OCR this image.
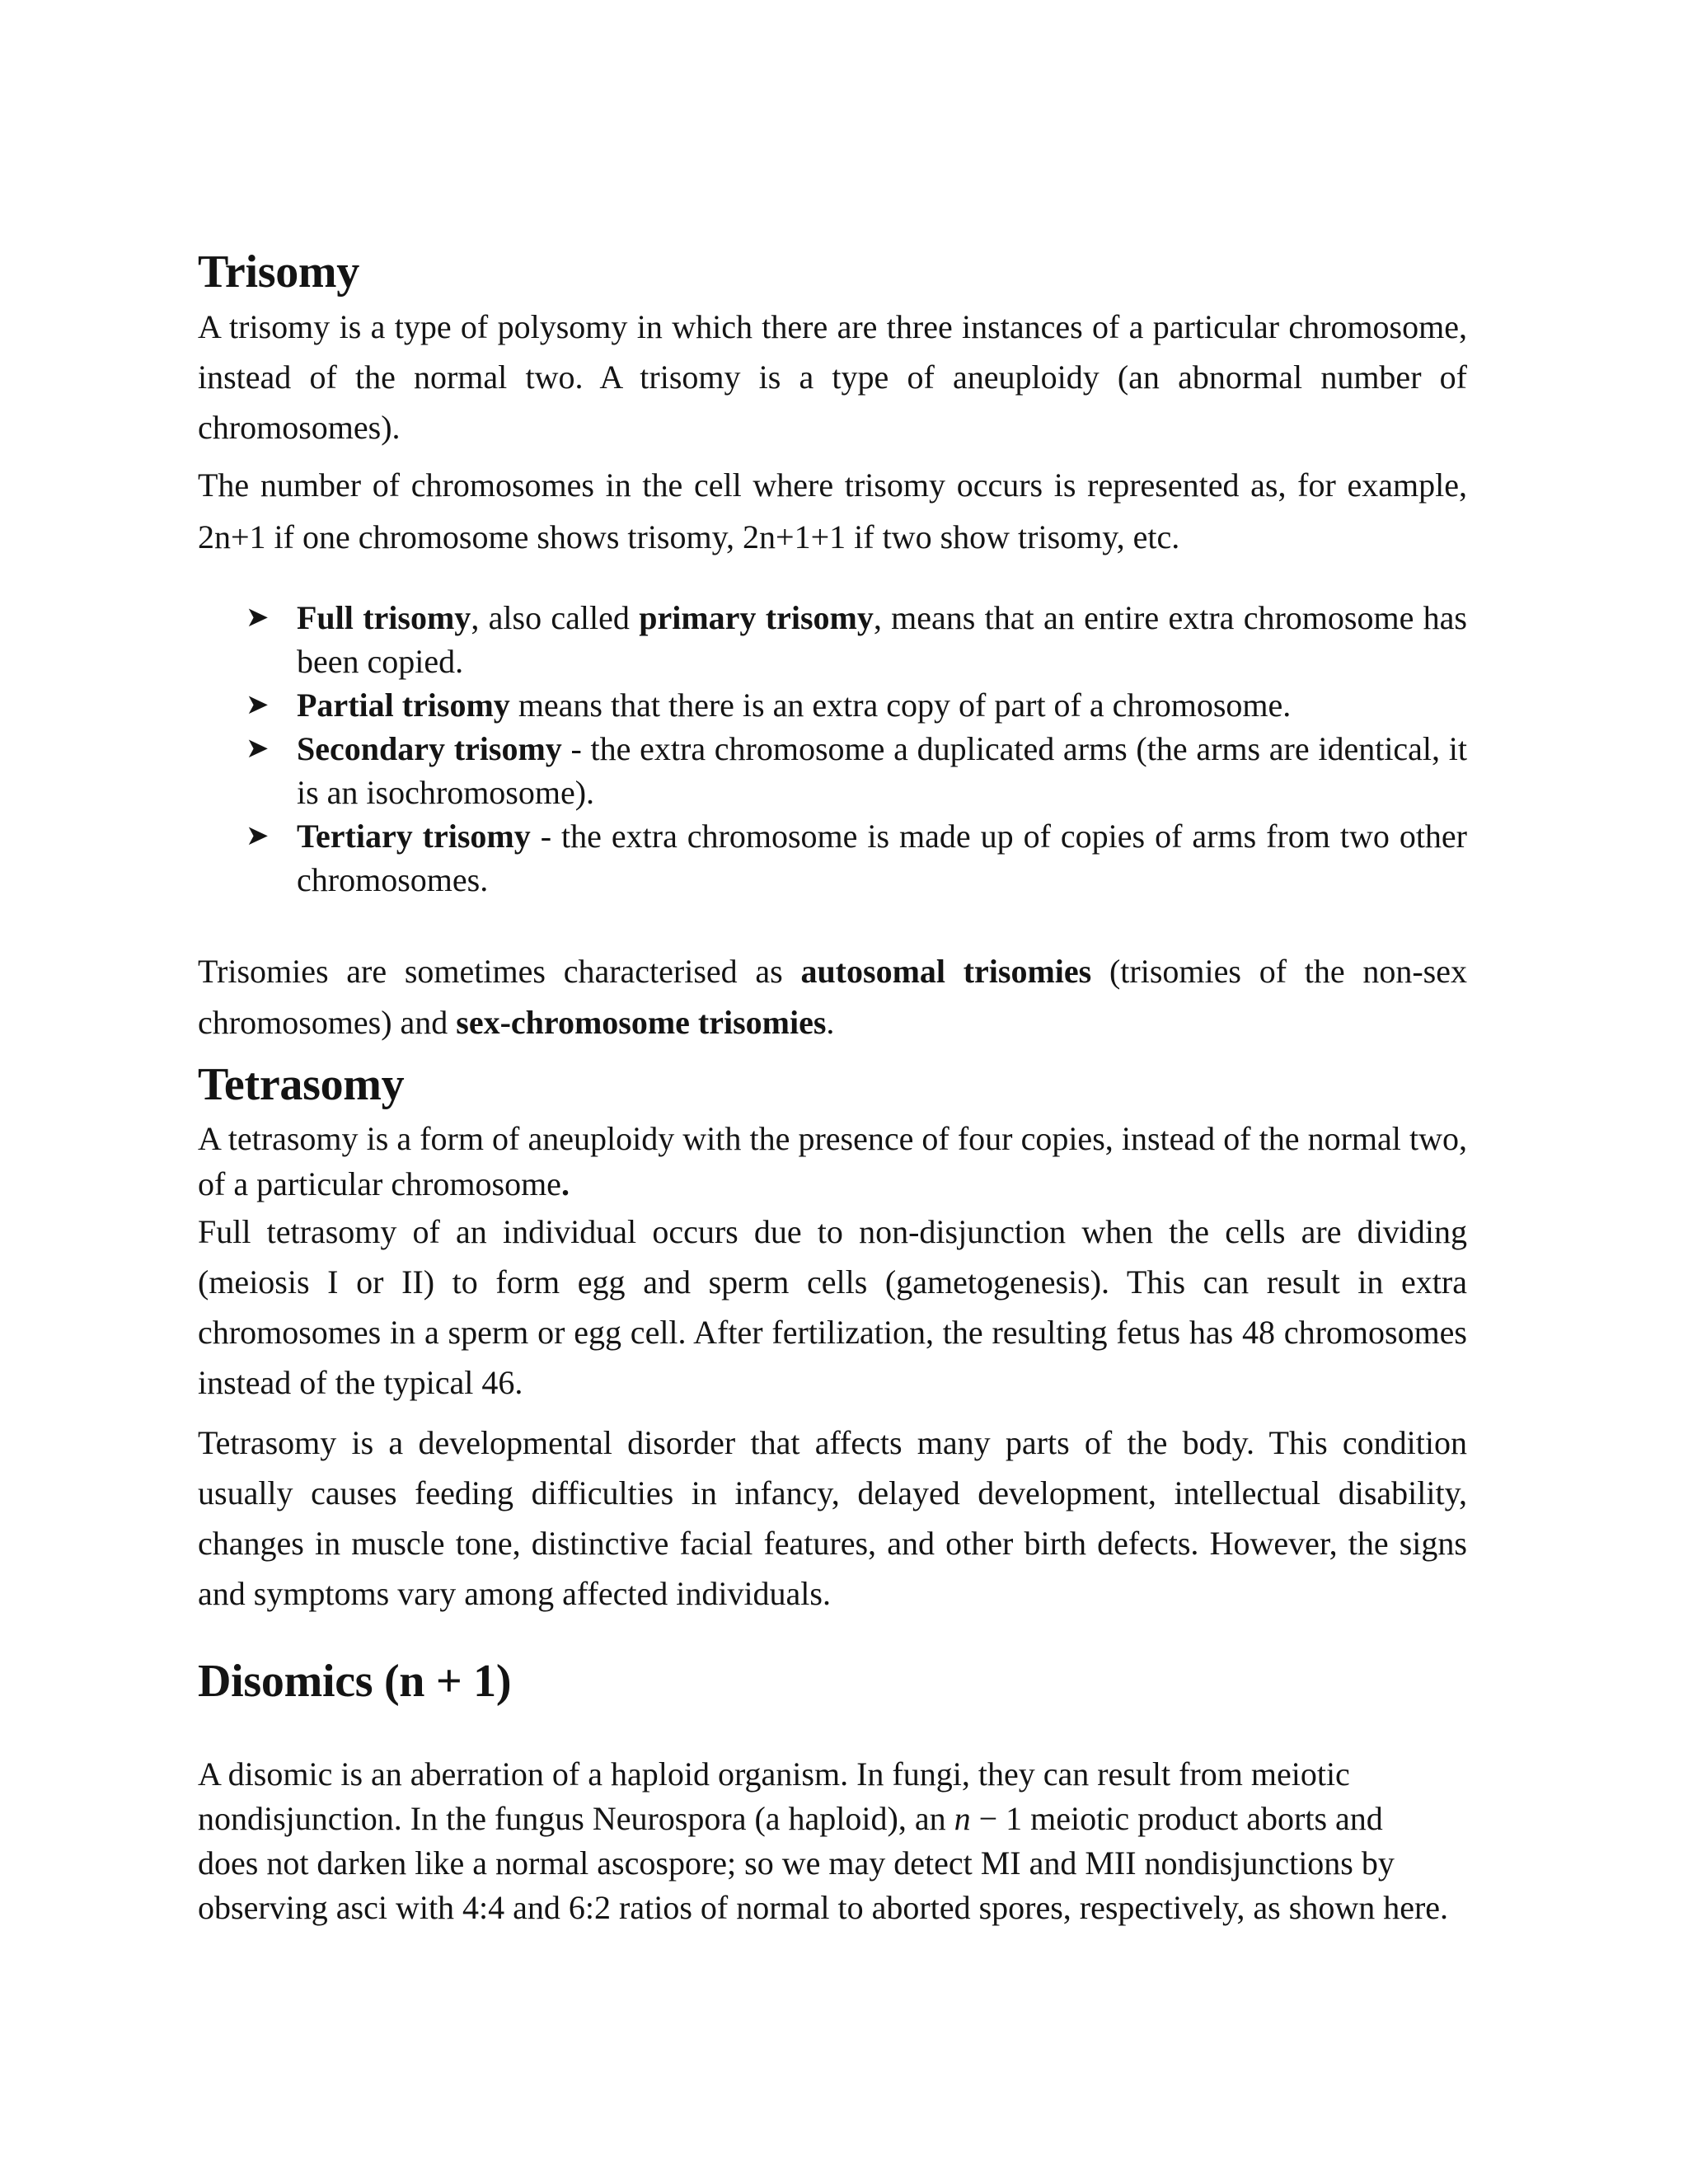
Trisomy

A trisomy is a type of polysomy in which there are three instances of a particular chromosome, instead of the normal two. A trisomy is a type of aneuploidy (an abnormal number of chromosomes).

The number of chromosomes in the cell where trisomy occurs is represented as, for example, 2n+1 if one chromosome shows trisomy, 2n+1+1 if two show trisomy, etc.

➤ Full trisomy, also called primary trisomy, means that an entire extra chromosome has been copied.
➤ Partial trisomy means that there is an extra copy of part of a chromosome.
➤ Secondary trisomy - the extra chromosome a duplicated arms (the arms are identical, it is an isochromosome).
➤ Tertiary trisomy - the extra chromosome is made up of copies of arms from two other chromosomes.

Trisomies are sometimes characterised as autosomal trisomies (trisomies of the non-sex chromosomes) and sex-chromosome trisomies.

Tetrasomy

A tetrasomy is a form of aneuploidy with the presence of four copies, instead of the normal two, of a particular chromosome.

Full tetrasomy of an individual occurs due to non-disjunction when the cells are dividing (meiosis I or II) to form egg and sperm cells (gametogenesis). This can result in extra chromosomes in a sperm or egg cell. After fertilization, the resulting fetus has 48 chromosomes instead of the typical 46.

Tetrasomy is a developmental disorder that affects many parts of the body. This condition usually causes feeding difficulties in infancy, delayed development, intellectual disability, changes in muscle tone, distinctive facial features, and other birth defects. However, the signs and symptoms vary among affected individuals.

Disomics (n + 1)

A disomic is an aberration of a haploid organism. In fungi, they can result from meiotic nondisjunction. In the fungus Neurospora (a haploid), an n − 1 meiotic product aborts and does not darken like a normal ascospore; so we may detect MI and MII nondisjunctions by observing asci with 4:4 and 6:2 ratios of normal to aborted spores, respectively, as shown here.
